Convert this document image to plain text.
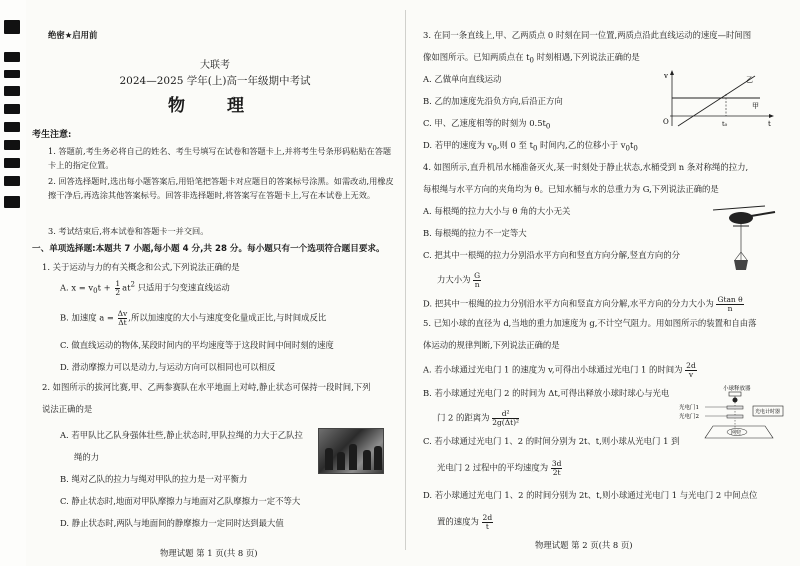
绝密★启用前
大联考
2024—2025 学年(上)高一年级期中考试
物 理
考生注意:
1. 答题前,考生务必将自己的姓名、考生号填写在试卷和答题卡上,并将考生号条形码粘贴在答题卡上的指定位置。
2. 回答选择题时,选出每小题答案后,用铅笔把答题卡对应题目的答案标号涂黑。如需改动,用橡皮擦干净后,再选涂其他答案标号。回答非选择题时,将答案写在答题卡上,写在本试卷上无效。
3. 考试结束后,将本试卷和答题卡一并交回。
一、单项选择题:本题共 7 小题,每小题 4 分,共 28 分。每小题只有一个选项符合题目要求。
1. 关于运动与力的有关概念和公式,下列说法正确的是
A. $x = v_0t + \frac{1}{2} at^2$ 只适用于匀变速直线运动
B. 加速度 $a = \frac{\Delta v}{\Delta t}$ ,所以加速度的大小与速度变化量成正比,与时间成反比
C. 做直线运动的物体,某段时间内的平均速度等于这段时间中间时刻的速度
D. 滑动摩擦力可以是动力,与运动方向可以相同也可以相反
2. 如图所示的拔河比赛,甲、乙两参赛队在水平地面上对峙,静止状态可保持一段时间,下列
说法正确的是
A. 若甲队比乙队身强体壮些,静止状态时,甲队拉绳的力大于乙队拉
绳的力
B. 绳对乙队的拉力与绳对甲队的拉力是一对平衡力
C. 静止状态时,地面对甲队摩擦力与地面对乙队摩擦力一定不等大
D. 静止状态时,两队与地面间的静摩擦力一定同时达到最大值
物理试题 第 1 页(共 8 页)
3. 在同一条直线上,甲、乙两质点 0 时刻在同一位置,两质点沿此直线运动的速度—时间图
像如图所示。已知两质点在 $t_0$ 时刻相遇,下列说法正确的是
A. 乙做单向直线运动
B. 乙的加速度先沿负方向,后沿正方向
C. 甲、乙速度相等的时刻为 $0.5t_0$
D. 若甲的速度为 $v_0$,则 0 至 $t_0$ 时间内,乙的位移小于 $v_0t_0$
v
t
O	t₀
乙
甲
4. 如图所示,直升机吊水桶准备灭火,某一时刻处于静止状态,水桶受到 n 条对称绳的拉力,
每根绳与水平方向的夹角均为 θ。已知水桶与水的总重力为 G,下列说法正确的是
A. 每根绳的拉力大小与 θ 角的大小无关
B. 每根绳的拉力不一定等大
C. 把其中一根绳的拉力分别沿水平方向和竖直方向分解,竖直方向的分
力大小为 $\frac{G}{n}$
D. 把其中一根绳的拉力分别沿水平方向和竖直方向分解,水平方向的分力大小为 $\frac{\text{Gtan θ}}{n}$
5. 已知小球的直径为 d,当地的重力加速度为 g,不计空气阻力。用如图所示的装置和自由落
体运动的规律判断,下列说法正确的是
A. 若小球通过光电门 1 的速度为 v,可得出小球通过光电门 1 的时间为 $\frac{2d}{v}$
B. 若小球通过光电门 2 的时间为 Δt,可得出释放小球时球心与光电
门 2 的距离为 $\frac{\text{d²}}{\text{2g(Δt)²}}$
C. 若小球通过光电门 1、2 的时间分别为 2t、t,则小球从光电门 1 到
光电门 2 过程中的平均速度为 $\frac{3d}{2t}$
D. 若小球通过光电门 1、2 的时间分别为 2t、t,则小球通过光电门 1 与光电门 2 中间点位
置的速度为 $\frac{2d}{t}$
小球释放器
光电门1
光电门2
光电计时器
网兜
物理试题 第 2 页(共 8 页)
